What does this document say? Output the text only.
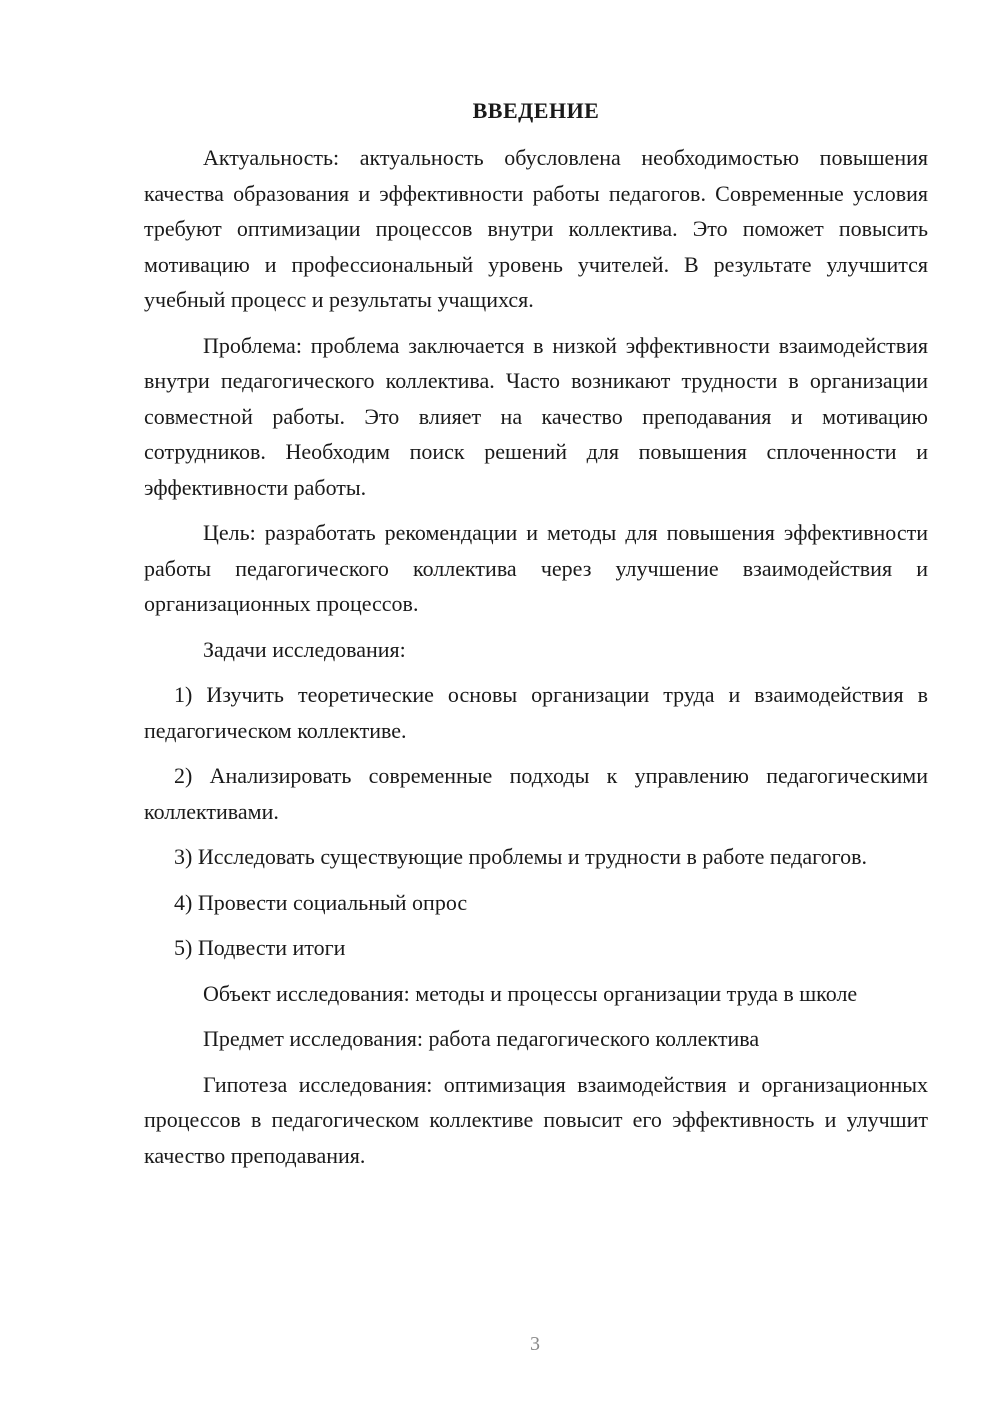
ВВЕДЕНИЕ

Актуальность: актуальность обусловлена необходимостью повышения качества образования и эффективности работы педагогов. Современные условия требуют оптимизации процессов внутри коллектива. Это поможет повысить мотивацию и профессиональный уровень учителей. В результате улучшится учебный процесс и результаты учащихся.

Проблема: проблема заключается в низкой эффективности взаимодействия внутри педагогического коллектива. Часто возникают трудности в организации совместной работы. Это влияет на качество преподавания и мотивацию сотрудников. Необходим поиск решений для повышения сплоченности и эффективности работы.

Цель: разработать рекомендации и методы для повышения эффективности работы педагогического коллектива через улучшение взаимодействия и организационных процессов.

Задачи исследования:

1) Изучить теоретические основы организации труда и взаимодействия в педагогическом коллективе.

2) Анализировать современные подходы к управлению педагогическими коллективами.

3) Исследовать существующие проблемы и трудности в работе педагогов.

4) Провести социальный опрос

5) Подвести итоги

Объект исследования: методы и процессы организации труда в школе

Предмет исследования: работа педагогического коллектива

Гипотеза исследования: оптимизация взаимодействия и организационных процессов в педагогическом коллективе повысит его эффективность и улучшит качество преподавания.

3
